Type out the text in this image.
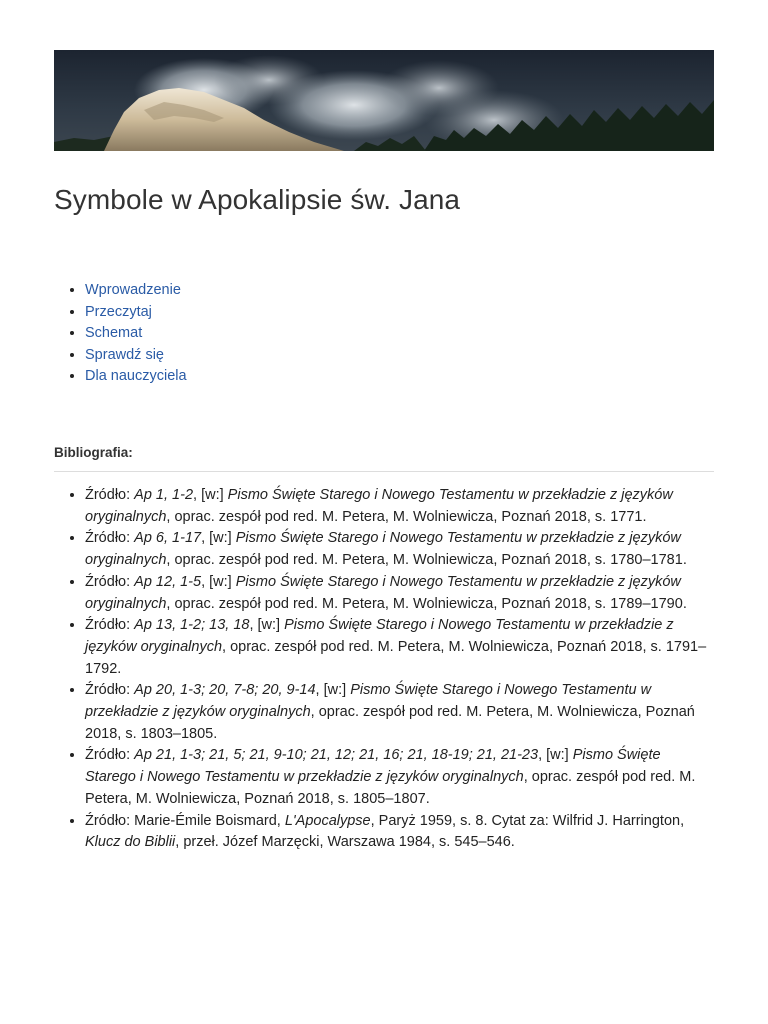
Symbole w Apokalipsie św. Jana
• Wprowadzenie
• Przeczytaj
• Schemat
• Sprawdź się
• Dla nauczyciela
Bibliografia:
• Źródło: Ap 1, 1-2, [w:] Pismo Święte Starego i Nowego Testamentu w przekładzie z języków oryginalnych, oprac. zespół pod red. M. Petera, M. Wolniewicza, Poznań 2018, s. 1771.
• Źródło: Ap 6, 1-17, [w:] Pismo Święte Starego i Nowego Testamentu w przekładzie z języków oryginalnych, oprac. zespół pod red. M. Petera, M. Wolniewicza, Poznań 2018, s. 1780–1781.
• Źródło: Ap 12, 1-5, [w:] Pismo Święte Starego i Nowego Testamentu w przekładzie z języków oryginalnych, oprac. zespół pod red. M. Petera, M. Wolniewicza, Poznań 2018, s. 1789–1790.
• Źródło: Ap 13, 1-2; 13, 18, [w:] Pismo Święte Starego i Nowego Testamentu w przekładzie z języków oryginalnych, oprac. zespół pod red. M. Petera, M. Wolniewicza, Poznań 2018, s. 1791–1792.
• Źródło: Ap 20, 1-3; 20, 7-8; 20, 9-14, [w:] Pismo Święte Starego i Nowego Testamentu w przekładzie z języków oryginalnych, oprac. zespół pod red. M. Petera, M. Wolniewicza, Poznań 2018, s. 1803–1805.
• Źródło: Ap 21, 1-3; 21, 5; 21, 9-10; 21, 12; 21, 16; 21, 18-19; 21, 21-23, [w:] Pismo Święte Starego i Nowego Testamentu w przekładzie z języków oryginalnych, oprac. zespół pod red. M. Petera, M. Wolniewicza, Poznań 2018, s. 1805–1807.
• Źródło: Marie-Émile Boismard, L'Apocalypse, Paryż 1959, s. 8. Cytat za: Wilfrid J. Harrington, Klucz do Biblii, przeł. Józef Marzęcki, Warszawa 1984, s. 545–546.
